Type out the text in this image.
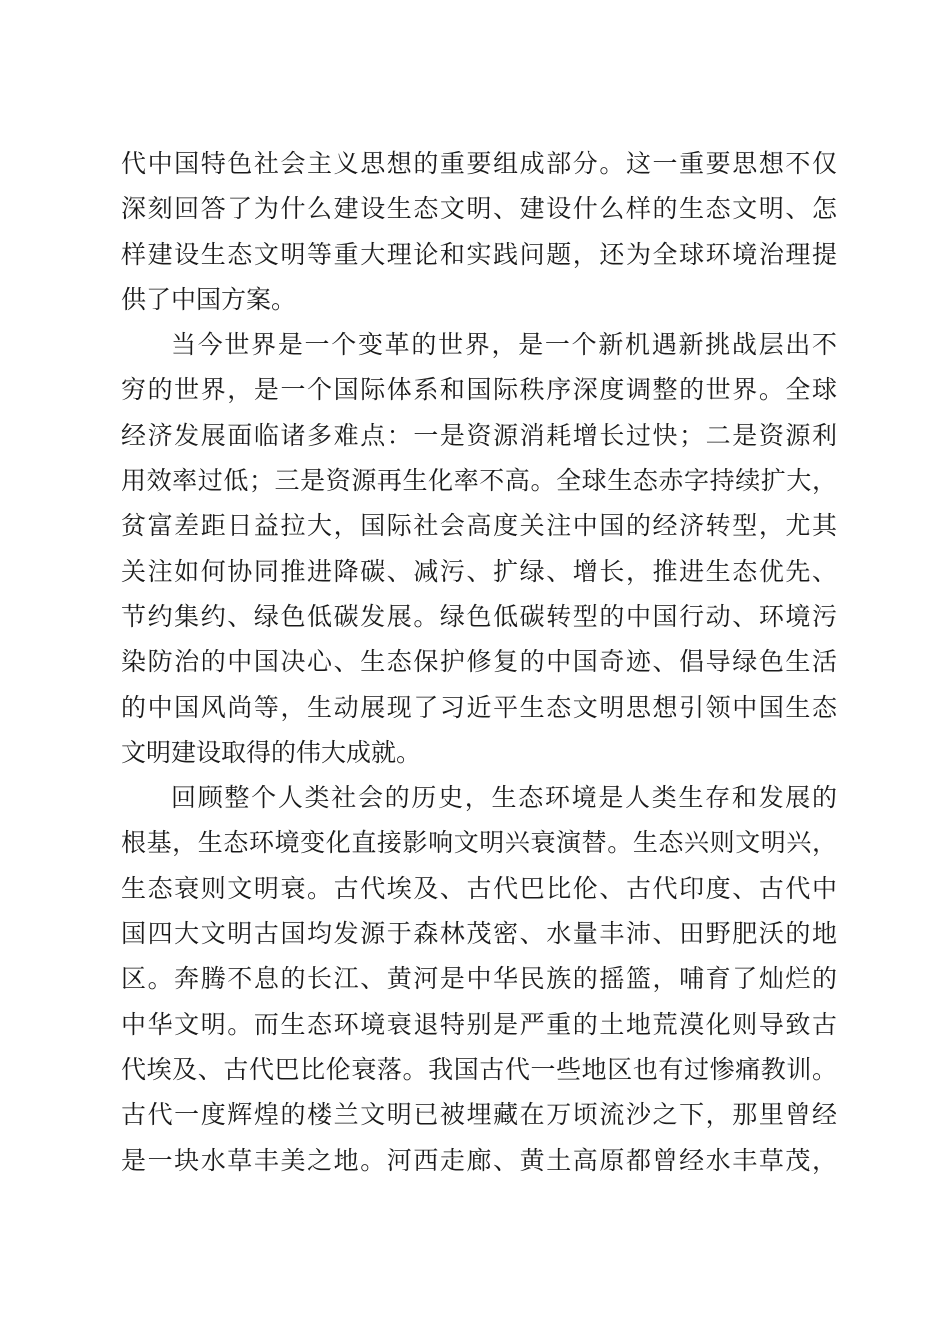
代中国特色社会主义思想的重要组成部分。这一重要思想不仅
深刻回答了为什么建设生态文明、建设什么样的生态文明、怎
样建设生态文明等重大理论和实践问题，还为全球环境治理提
供了中国方案。
当今世界是一个变革的世界，是一个新机遇新挑战层出不
穷的世界，是一个国际体系和国际秩序深度调整的世界。全球
经济发展面临诸多难点：一是资源消耗增长过快；二是资源利
用效率过低；三是资源再生化率不高。全球生态赤字持续扩大，
贫富差距日益拉大，国际社会高度关注中国的经济转型，尤其
关注如何协同推进降碳、减污、扩绿、增长，推进生态优先、
节约集约、绿色低碳发展。绿色低碳转型的中国行动、环境污
染防治的中国决心、生态保护修复的中国奇迹、倡导绿色生活
的中国风尚等，生动展现了习近平生态文明思想引领中国生态
文明建设取得的伟大成就。
回顾整个人类社会的历史，生态环境是人类生存和发展的
根基，生态环境变化直接影响文明兴衰演替。生态兴则文明兴，
生态衰则文明衰。古代埃及、古代巴比伦、古代印度、古代中
国四大文明古国均发源于森林茂密、水量丰沛、田野肥沃的地
区。奔腾不息的长江、黄河是中华民族的摇篮，哺育了灿烂的
中华文明。而生态环境衰退特别是严重的土地荒漠化则导致古
代埃及、古代巴比伦衰落。我国古代一些地区也有过惨痛教训。
古代一度辉煌的楼兰文明已被埋藏在万顷流沙之下，那里曾经
是一块水草丰美之地。河西走廊、黄土高原都曾经水丰草茂，
